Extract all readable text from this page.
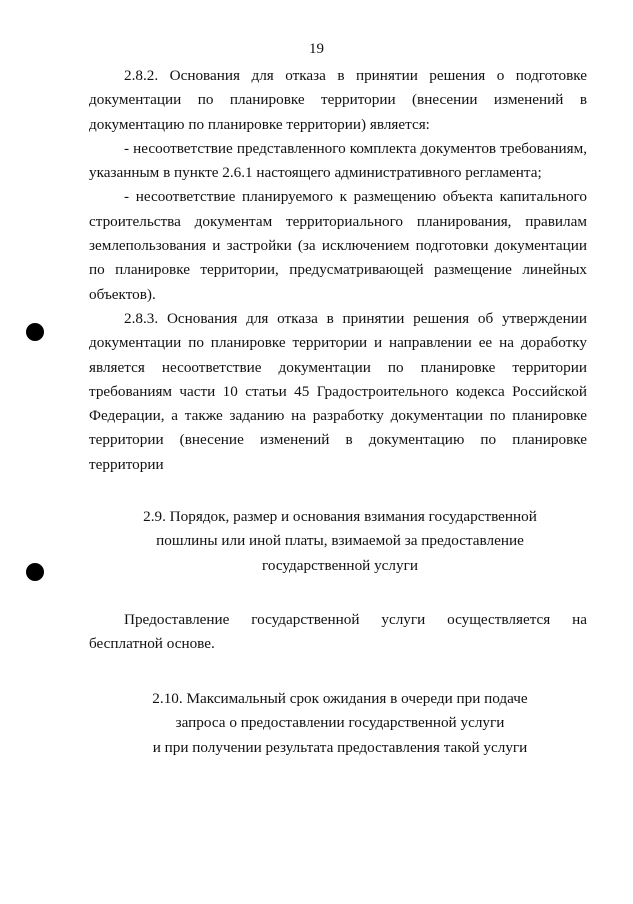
19

2.8.2. Основания для отказа в принятии решения о подготовке документации по планировке территории (внесении изменений в документацию по планировке территории) является:

- несоответствие представленного комплекта документов требованиям, указанным в пункте 2.6.1 настоящего административного регламента;

- несоответствие планируемого к размещению объекта капитального строительства документам территориального планирования, правилам землепользования и застройки (за исключением подготовки документации по планировке территории, предусматривающей размещение линейных объектов).

2.8.3. Основания для отказа в принятии решения об утверждении документации по планировке территории и направлении ее на доработку является несоответствие документации по планировке территории требованиям части 10 статьи 45 Градостроительного кодекса Российской Федерации, а также заданию на разработку документации по планировке территории (внесение изменений в документацию по планировке территории

2.9. Порядок, размер и основания взимания государственной
пошлины или иной платы, взимаемой за предоставление
государственной услуги

Предоставление государственной услуги осуществляется на бесплатной основе.

2.10. Максимальный срок ожидания в очереди при подаче
запроса о предоставлении государственной услуги
и при получении результата предоставления такой услуги
